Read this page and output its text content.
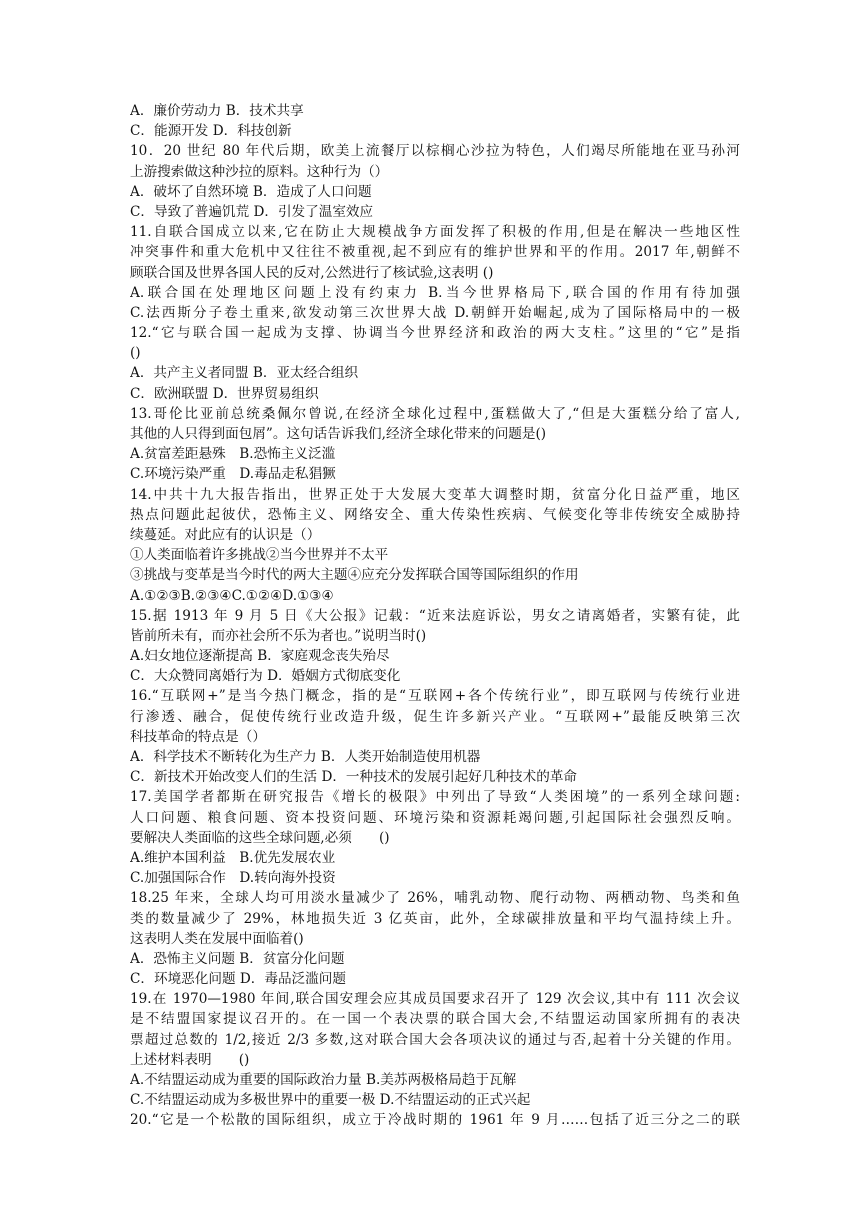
A．廉价劳动力 B．技术共享
C．能源开发 D．科技创新
10．20 世纪 80 年代后期，欧美上流餐厅以棕榈心沙拉为特色，人们竭尽所能地在亚马孙河
上游搜索做这种沙拉的原料。这种行为（）
A．破坏了自然环境 B．造成了人口问题
C．导致了普遍饥荒 D．引发了温室效应
11.自联合国成立以来,它在防止大规模战争方面发挥了积极的作用,但是在解决一些地区性
冲突事件和重大危机中又往往不被重视,起不到应有的维护世界和平的作用。2017 年,朝鲜不
顾联合国及世界各国人民的反对,公然进行了核试验,这表明 ()
A.联合国在处理地区问题上没有约束力 B.当今世界格局下,联合国的作用有待加强
C.法西斯分子卷土重来,欲发动第三次世界大战 D.朝鲜开始崛起,成为了国际格局中的一极
12.“它与联合国一起成为支撑、协调当今世界经济和政治的两大支柱。”这里的“它”是指
()
A．共产主义者同盟 B．亚太经合组织
C．欧洲联盟 D．世界贸易组织
13.哥伦比亚前总统桑佩尔曾说,在经济全球化过程中,蛋糕做大了,“但是大蛋糕分给了富人,
其他的人只得到面包屑”。这句话告诉我们,经济全球化带来的问题是()
A.贫富差距悬殊　B.恐怖主义泛滥
C.环境污染严重　D.毒品走私猖獗
14.中共十九大报告指出，世界正处于大发展大变革大调整时期，贫富分化日益严重，地区
热点问题此起彼伏，恐怖主义、网络安全、重大传染性疾病、气候变化等非传统安全威胁持
续蔓延。对此应有的认识是（）
①人类面临着许多挑战②当今世界并不太平
③挑战与变革是当今时代的两大主题④应充分发挥联合国等国际组织的作用
A.①②③B.②③④C.①②④D.①③④
15.据 1913 年 9 月 5 日《大公报》记载：“近来法庭诉讼，男女之请离婚者，实繁有徒，此
皆前所未有，而亦社会所不乐为者也。”说明当时()
A.妇女地位逐渐提高 B．家庭观念丧失殆尽
C．大众赞同离婚行为 D．婚姻方式彻底变化
16.“互联网+”是当今热门概念，指的是“互联网+各个传统行业”，即互联网与传统行业进
行渗透、融合，促使传统行业改造升级，促生许多新兴产业。“互联网+”最能反映第三次
科技革命的特点是（）
A．科学技术不断转化为生产力 B．人类开始制造使用机器
C．新技术开始改变人们的生活 D．一种技术的发展引起好几种技术的革命
17.美国学者都斯在研究报告《增长的极限》中列出了导致“人类困境”的一系列全球问题:
人口问题、粮食问题、资本投资问题、环境污染和资源耗竭问题,引起国际社会强烈反响。
要解决人类面临的这些全球问题,必须　　()
A.维护本国利益　B.优先发展农业
C.加强国际合作　D.转向海外投资
18.25 年来，全球人均可用淡水量减少了 26%，哺乳动物、爬行动物、两栖动物、鸟类和鱼
类的数量减少了 29%，林地损失近 3 亿英亩，此外，全球碳排放量和平均气温持续上升。
这表明人类在发展中面临着()
A．恐怖主义问题 B．贫富分化问题
C．环境恶化问题 D．毒品泛滥问题
19.在 1970—1980 年间,联合国安理会应其成员国要求召开了 129 次会议,其中有 111 次会议
是不结盟国家提议召开的。在一国一个表决票的联合国大会,不结盟运动国家所拥有的表决
票超过总数的 1/2,接近 2/3 多数,这对联合国大会各项决议的通过与否,起着十分关键的作用。
上述材料表明　　()
A.不结盟运动成为重要的国际政治力量 B.美苏两极格局趋于瓦解
C.不结盟运动成为多极世界中的重要一极 D.不结盟运动的正式兴起
20.“它是一个松散的国际组织，成立于冷战时期的 1961 年 9 月……包括了近三分之二的联
